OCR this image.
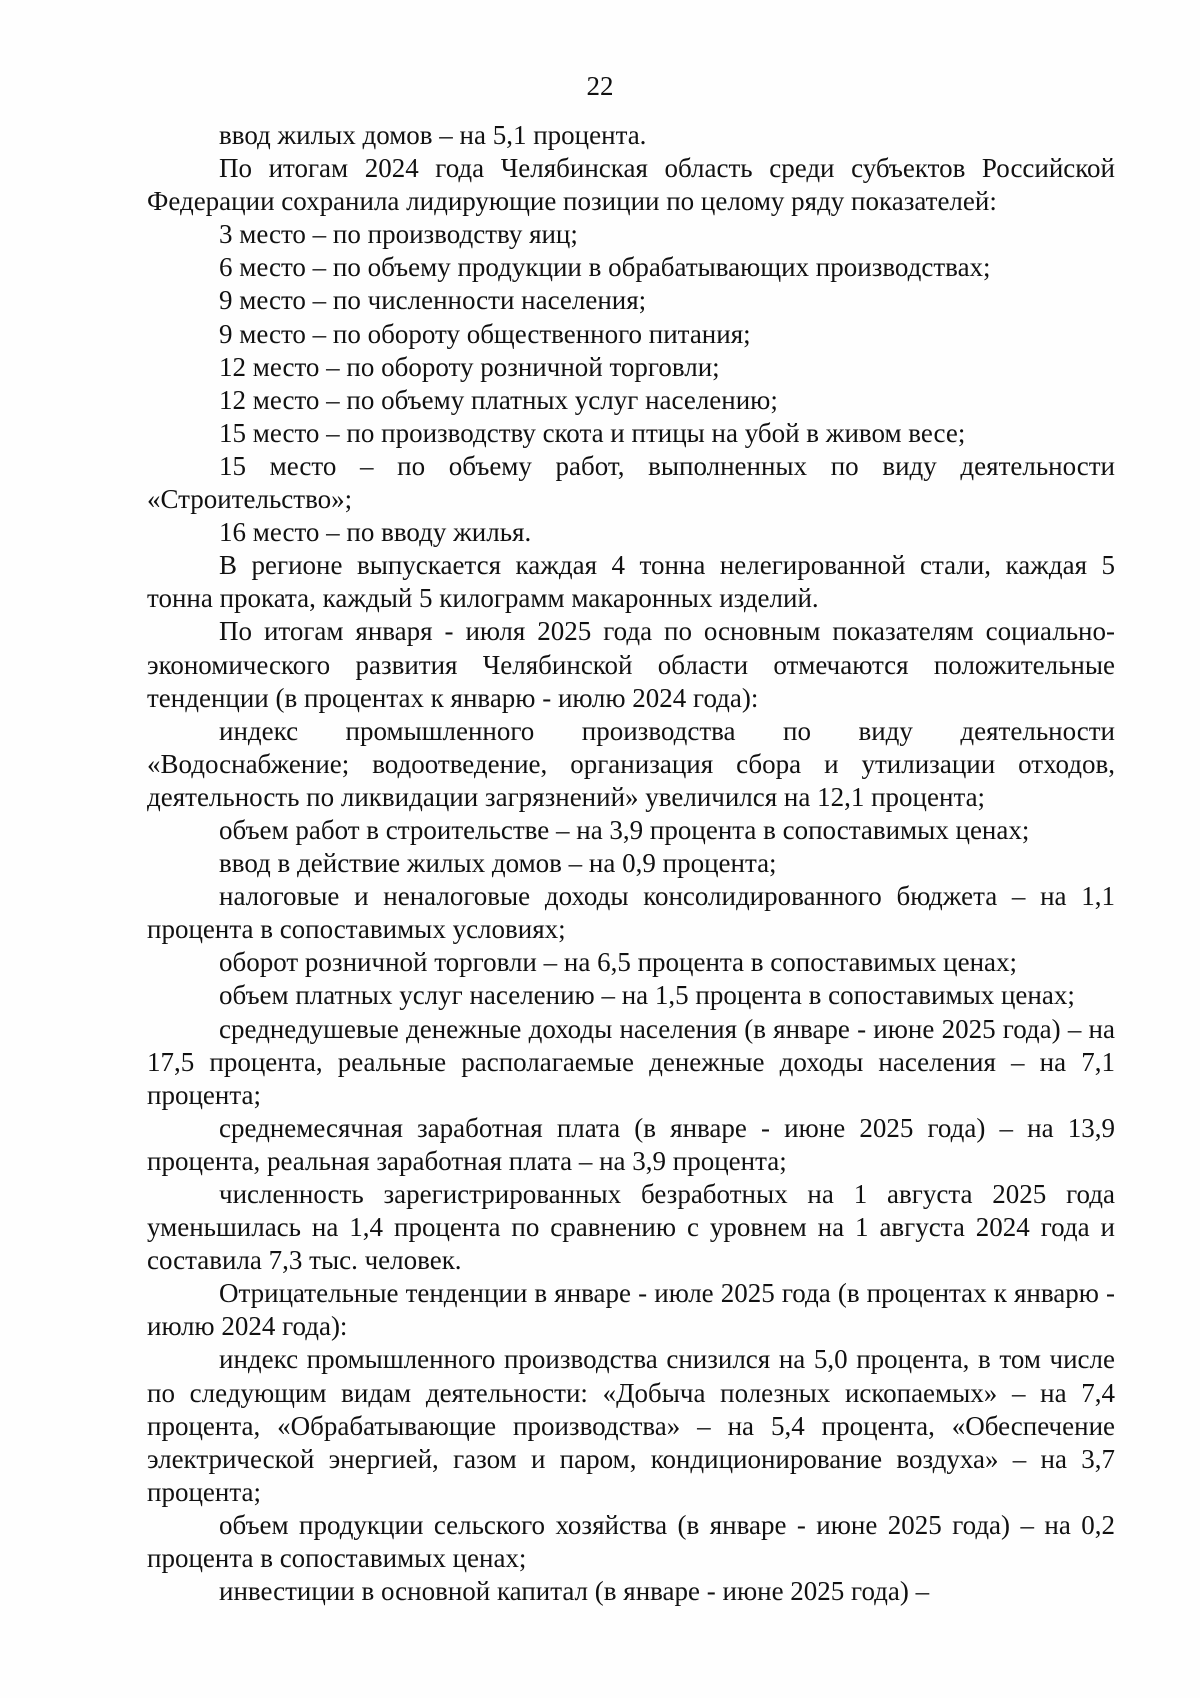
22

ввод жилых домов – на 5,1 процента.

По итогам 2024 года Челябинская область среди субъектов Российской Федерации сохранила лидирующие позиции по целому ряду показателей:

3 место – по производству яиц;

6 место – по объему продукции в обрабатывающих производствах;

9 место – по численности населения;

9 место – по обороту общественного питания;

12 место – по обороту розничной торговли;

12 место – по объему платных услуг населению;

15 место – по производству скота и птицы на убой в живом весе;

15 место – по объему работ, выполненных по виду деятельности «Строительство»;

16 место – по вводу жилья.

В регионе выпускается каждая 4 тонна нелегированной стали, каждая 5 тонна проката, каждый 5 килограмм макаронных изделий.

По итогам января - июля 2025 года по основным показателям социально-экономического развития Челябинской области отмечаются положительные тенденции (в процентах к январю - июлю 2024 года):

индекс промышленного производства по виду деятельности «Водоснабжение; водоотведение, организация сбора и утилизации отходов, деятельность по ликвидации загрязнений» увеличился на 12,1 процента;

объем работ в строительстве – на 3,9 процента в сопоставимых ценах;

ввод в действие жилых домов – на 0,9 процента;

налоговые и неналоговые доходы консолидированного бюджета – на 1,1 процента в сопоставимых условиях;

оборот розничной торговли – на 6,5 процента в сопоставимых ценах;

объем платных услуг населению – на 1,5 процента в сопоставимых ценах;

среднедушевые денежные доходы населения (в январе - июне 2025 года) – на 17,5 процента, реальные располагаемые денежные доходы населения – на 7,1 процента;

среднемесячная заработная плата (в январе - июне 2025 года) – на 13,9 процента, реальная заработная плата – на 3,9 процента;

численность зарегистрированных безработных на 1 августа 2025 года уменьшилась на 1,4 процента по сравнению с уровнем на 1 августа 2024 года и составила 7,3 тыс. человек.

Отрицательные тенденции в январе - июле 2025 года (в процентах к январю - июлю 2024 года):

индекс промышленного производства снизился на 5,0 процента, в том числе по следующим видам деятельности: «Добыча полезных ископаемых» – на 7,4 процента, «Обрабатывающие производства» – на 5,4 процента, «Обеспечение электрической энергией, газом и паром, кондиционирование воздуха» – на 3,7 процента;

объем продукции сельского хозяйства (в январе - июне 2025 года) – на 0,2 процента в сопоставимых ценах;

инвестиции в основной капитал (в январе - июне 2025 года) –
